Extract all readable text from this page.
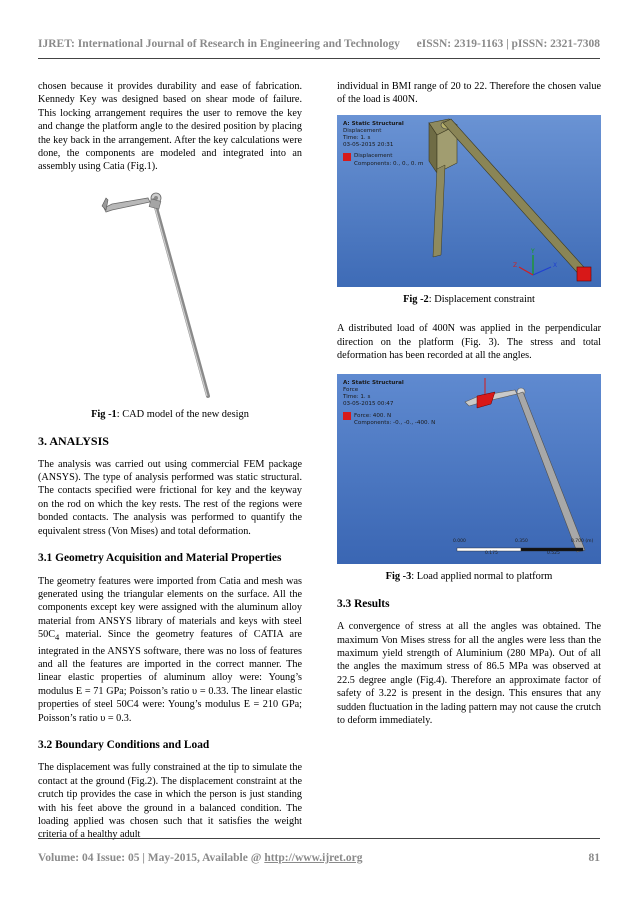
IJRET: International Journal of Research in Engineering and Technology eISSN: 2319-1163 | pISSN: 2321-7308

chosen because it provides durability and ease of fabrication. Kennedy Key was designed based on shear mode of failure. This locking arrangement requires the user to remove the key and change the platform angle to the desired position by placing the key back in the arrangement. After the key calculations were done, the components are modeled and integrated into an assembly using Catia (Fig.1).

Fig -1: CAD model of the new design
3. ANALYSIS

The analysis was carried out using commercial FEM package (ANSYS). The type of analysis performed was static structural. The contacts specified were frictional for key and the keyway on the rod on which the key rests. The rest of the regions were bonded contacts. The analysis was performed to quantify the equivalent stress (Von Mises) and total deformation.

3.1 Geometry Acquisition and Material Properties

The geometry features were imported from Catia and mesh was generated using the triangular elements on the surface. All the components except key were assigned with the aluminum alloy material from ANSYS library of materials and keys with steel $50C_4$ material. Since the geometry features of CATIA are integrated in the ANSYS software, there was no loss of features and all the features are imported in the correct manner. The linear elastic properties of aluminum alloy were: Young’s modulus E = 71 GPa; Poisson’s ratio υ = 0.33. The linear elastic properties of steel 50C4 were: Young’s modulus E = 210 GPa; Poisson’s ratio υ = 0.3.

3.2 Boundary Conditions and Load

The displacement was fully constrained at the tip to simulate the contact at the ground (Fig.2). The displacement constraint at the crutch tip provides the case in which the person is just standing with his feet above the ground in a balanced condition. The loading applied was chosen such that it satisfies the weight criteria of a healthy adult

individual in BMI range of 20 to 22. Therefore the chosen value of the load is 400N.

Y
X
Z
A: Static Structural
Displacement
Time: 1. s
03-05-2015 20:31
Displacement
Components: 0., 0., 0. m
Fig -2: Displacement constraint

A distributed load of 400N was applied in the perpendicular direction on the platform (Fig. 3). The stress and total deformation has been recorded at all the angles.

A: Static Structural
Force
Time: 1. s
03-05-2015 00:47
Force: 400. N
Components: -0., -0., -400. N
0.000	0.350	0.700 (m)
0.175	0.525
Fig -3: Load applied normal to platform
3.3 Results

A convergence of stress at all the angles was obtained. The maximum Von Mises stress for all the angles were less than the maximum yield strength of Aluminium (280 MPa). Out of all the angles the maximum stress of 86.5 MPa was observed at 22.5 degree angle (Fig.4). Therefore an approximate factor of safety of 3.22 is present in the design. This ensures that any sudden fluctuation in the lading pattern may not cause the crutch to deform immediately.

Volume: 04 Issue: 05 | May-2015, Available @ http://www.ijret.org	81
